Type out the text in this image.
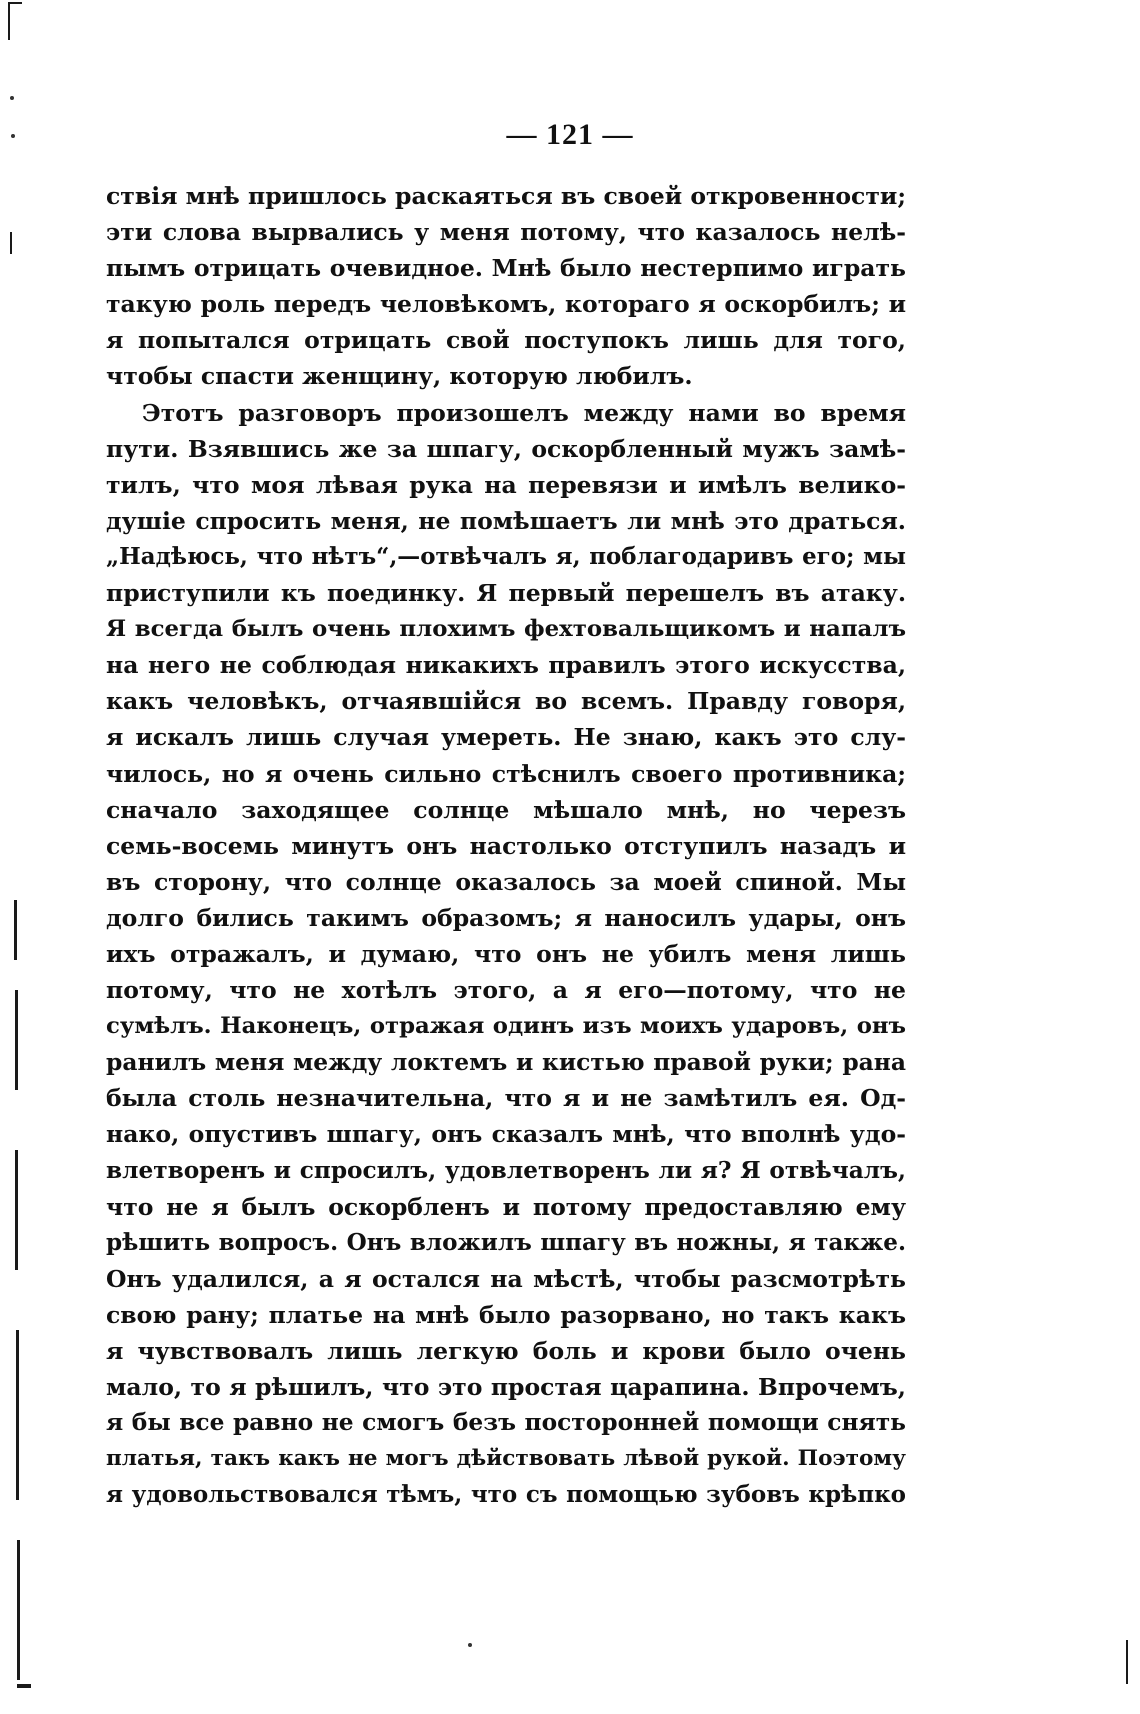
— 121 —
ствія мнѣ пришлось раскаяться въ своей откровенности;
эти слова вырвались у меня потому, что казалось нелѣ-
пымъ отрицать очевидное. Мнѣ было нестерпимо играть
такую роль передъ человѣкомъ, котораго я оскорбилъ; и
я попытался отрицать свой поступокъ лишь для того,
чтобы спасти женщину, которую любилъ.
Этотъ разговоръ произошелъ между нами во время
пути. Взявшись же за шпагу, оскорбленный мужъ замѣ-
тилъ, что моя лѣвая рука на перевязи и имѣлъ велико-
душіе спросить меня, не помѣшаетъ ли мнѣ это драться.
„Надѣюсь, что нѣтъ“,—отвѣчалъ я, поблагодаривъ его; мы
приступили къ поединку. Я первый перешелъ въ атаку.
Я всегда былъ очень плохимъ фехтовальщикомъ и напалъ
на него не соблюдая никакихъ правилъ этого искусства,
какъ человѣкъ, отчаявшійся во всемъ. Правду говоря,
я искалъ лишь случая умереть. Не знаю, какъ это слу-
чилось, но я очень сильно стѣснилъ своего противника;
сначало заходящее солнце мѣшало мнѣ, но черезъ
семь-восемь минутъ онъ настолько отступилъ назадъ и
въ сторону, что солнце оказалось за моей спиной. Мы
долго бились такимъ образомъ; я наносилъ удары, онъ
ихъ отражалъ, и думаю, что онъ не убилъ меня лишь
потому, что не хотѣлъ этого, а я его—потому, что не
сумѣлъ. Наконецъ, отражая одинъ изъ моихъ ударовъ, онъ
ранилъ меня между локтемъ и кистью правой руки; рана
была столь незначительна, что я и не замѣтилъ ея. Од-
нако, опустивъ шпагу, онъ сказалъ мнѣ, что вполнѣ удо-
влетворенъ и спросилъ, удовлетворенъ ли я? Я отвѣчалъ,
что не я былъ оскорбленъ и потому предоставляю ему
рѣшить вопросъ. Онъ вложилъ шпагу въ ножны, я также.
Онъ удалился, а я остался на мѣстѣ, чтобы разсмотрѣть
свою рану; платье на мнѣ было разорвано, но такъ какъ
я чувствовалъ лишь легкую боль и крови было очень
мало, то я рѣшилъ, что это простая царапина. Впрочемъ,
я бы все равно не смогъ безъ посторонней помощи снять
платья, такъ какъ не могъ дѣйствовать лѣвой рукой. Поэтому
я удовольствовался тѣмъ, что съ помощью зубовъ крѣпко
